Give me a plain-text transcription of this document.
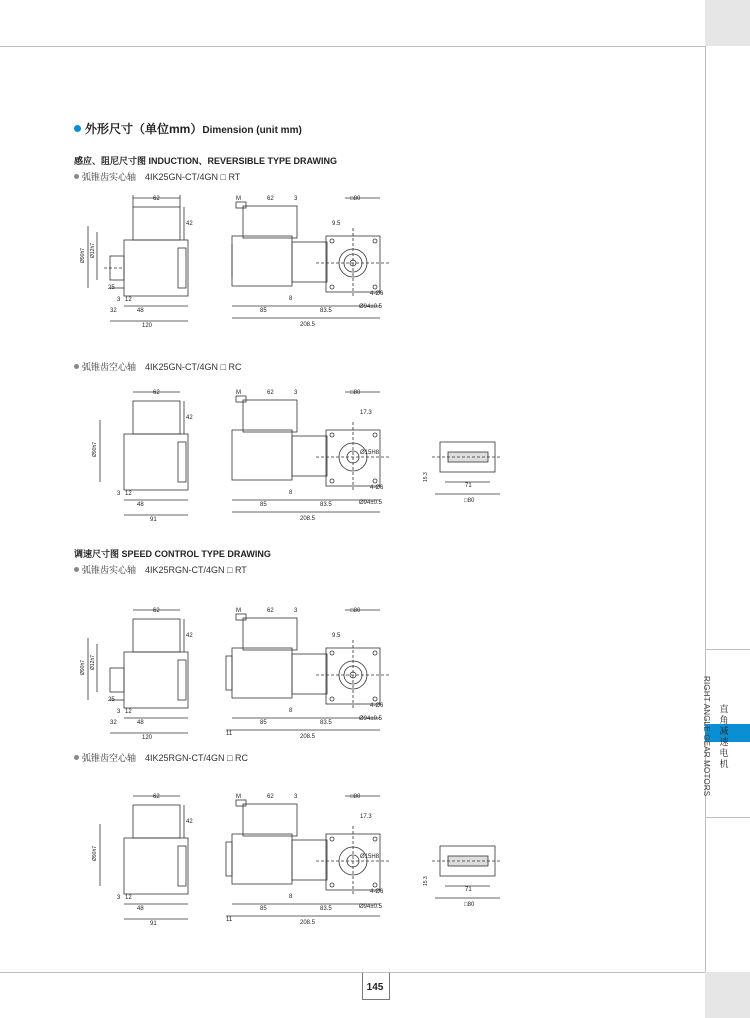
外形尺寸（单位mm）Dimension (unit mm)
感应、阻尼尺寸图 INDUCTION、REVERSIBLE TYPE DRAWING
弧锥齿实心轴　4IK25GN-CT/4GN □ RT
弧锥齿空心轴　4IK25GN-CT/4GN □ RC
调速尺寸图 SPEED CONTROL TYPE DRAWING
弧锥齿实心轴　4IK25RGN-CT/4GN □ RT
弧锥齿空心轴　4IK25RGN-CT/4GN □ RC
62
42
25
3 12
32	48
120
Ø90h7 Ø12h7
M	62	3	□80
9.5
85
8
83.5
208.5
4-Ø6
Ø94±0.5
62
42
3 12
48
91
Ø90h7
M	62	3	□80
17.3
Ø15H8
85
8
83.5
208.5
4-Ø6
Ø94±0.5
71
□80
15.3
62
42
25
3 12
32	48
120
Ø90h7 Ø12h7
M	62	3	□80
9.5
11
85
8
83.5
208.5
4-Ø6
Ø94±0.5
62
42
3 12
48
91
Ø90h7
M	62	3	□80
17.3
Ø15H8
11
85
8
83.5
208.5
4-Ø6
Ø94±0.5
71
□80
15.3
RIGHT ANGLE GEAR MOTORS 直角减速电机
145
